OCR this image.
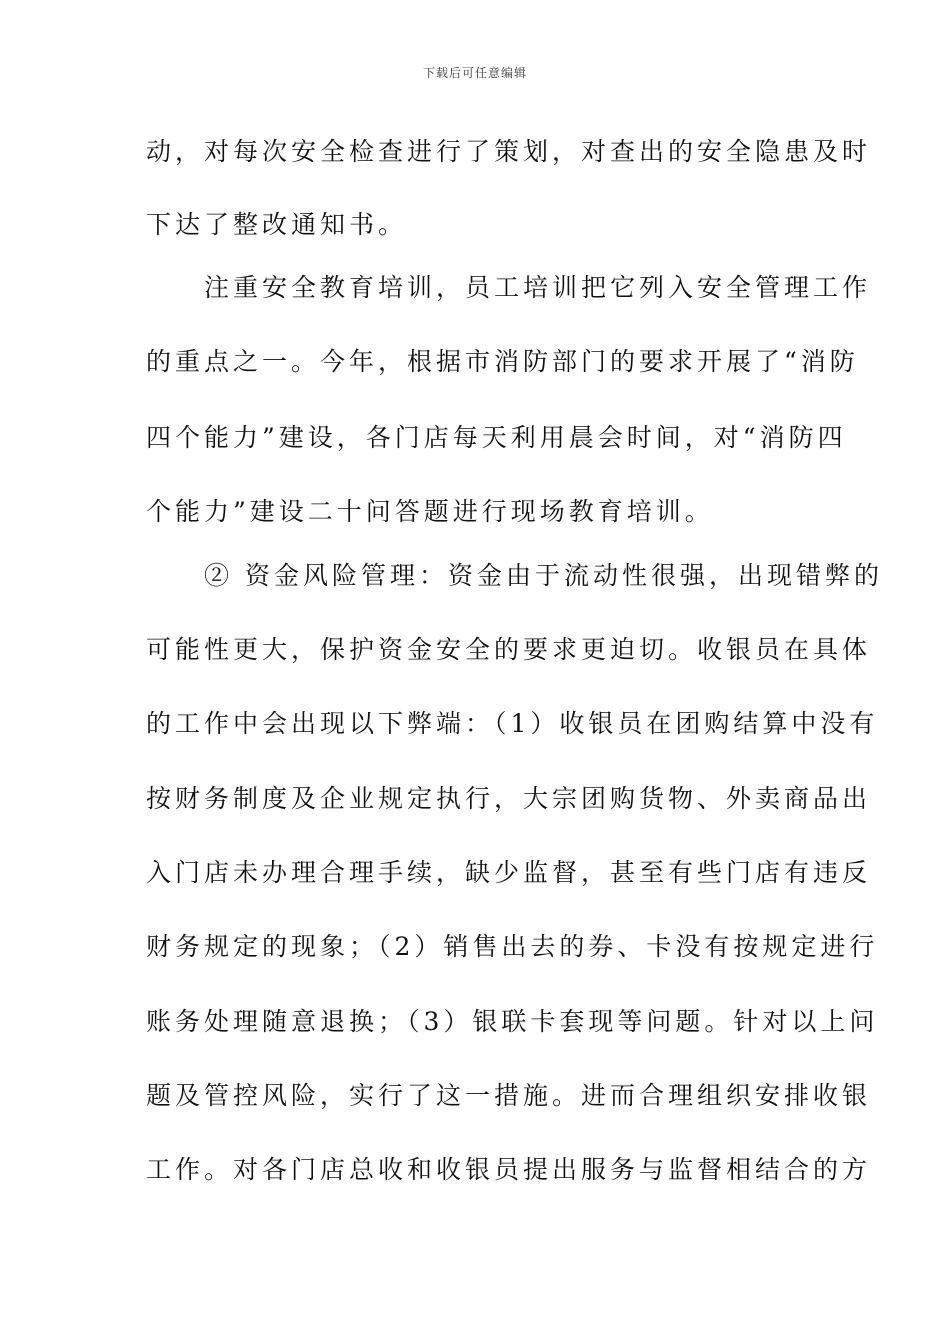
下载后可任意编辑
动，对每次安全检查进行了策划，对查出的安全隐患及时
下达了整改通知书。
　　注重安全教育培训，员工培训把它列入安全管理工作
的重点之一。今年，根据市消防部门的要求开展了“消防
四个能力”建设，各门店每天利用晨会时间，对“消防四
个能力”建设二十问答题进行现场教育培训。
　　② 资金风险管理：资金由于流动性很强，出现错弊的
可能性更大，保护资金安全的要求更迫切。收银员在具体
的工作中会出现以下弊端：（1）收银员在团购结算中没有
按财务制度及企业规定执行，大宗团购货物、外卖商品出
入门店未办理合理手续，缺少监督，甚至有些门店有违反
财务规定的现象；（2）销售出去的券、卡没有按规定进行
账务处理随意退换；（3）银联卡套现等问题。针对以上问
题及管控风险，实行了这一措施。进而合理组织安排收银
工作。对各门店总收和收银员提出服务与监督相结合的方
